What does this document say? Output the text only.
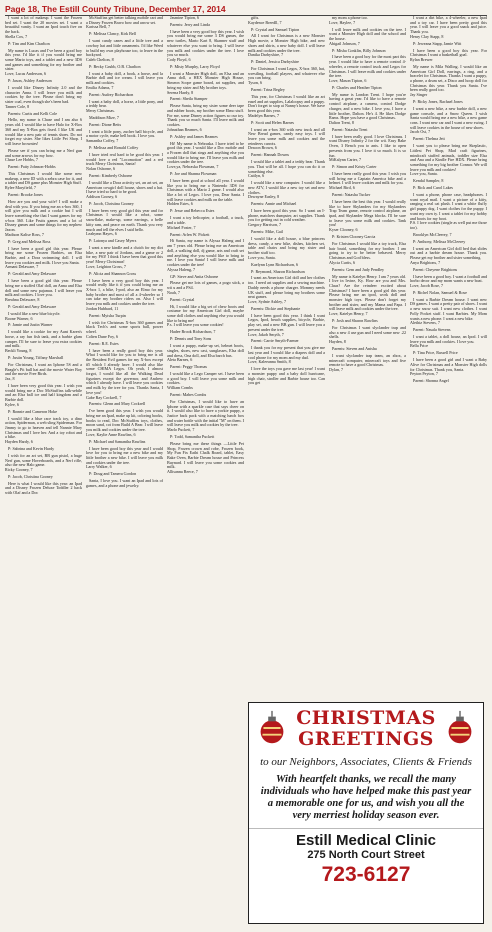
Page 18, The Estill County Tribune, December 17, 2014

I want a lot of makeup. I want the Frozen bed set. I want the 20 movies set. I want a beautiful vanity. I want an Ipod touch five on the back.

Shella Cox, 7

P: Tim and Kim Charlton

My name is Lucas and I've been a good boy this year. I'd like it if you would bring me some Mario toys, and a tablet and a new 3DS and games and something for my brother and sister.

Love, Lucas Anderson, 6

P: Jason, Ashley Anderson

I would like Disney Infinity 2.0 and the character Anna. I will leave you milk and cookies by the tree. Please don't bring my sister coal, even though she's been bad.

Tanner Cole, 8

Parents: Curtis and Kelli Cole

Hello, my name is Chase and I am also 6 years old. I would like to have Halo for X-Box 360 and my X-Box gets fixed. I like UK and would like a new pair of tennis shoes. Do not forget my sister. She likes Little Pet Shop. I will leave brownies!

Please see if you can bring me a Nerf gun and some arrows for my bow.

Chase Lee Hobbs, 7

Parent: Patty Johnson-Hobbs

This Christmas I would like some new makeup, a new ID with a zebra case for it, and a tablet and DS game plus Monster High Stuff.

Rylee Maryfield, 7

Parent: Brooke Jones

How are you and your wife? I will make a deal with you. If you bring me an x-box 360, I will give you milk and a cookie but I will leave something else that I want games for my x-box 360. Like Fruits games and a lot of Disney games and some things for my nephew Jaxon.

Madison Kalise Ross, 7

P: Greg and Melissa Ross

I have been a good girl this year. Please bring me some Frozen Barbies, an Elsa Barbie, and a Dora swimming doll. I will leave you cookies and milk. I love you Santa.

Armani Delaware, 7

P: Gerald and Amy Delaware

I have been a good girl this year. Please bring me a stuffed Olaf doll, an Anna and Elsa doll and some new pajamas. I will leave you milk and cookies. I love you.

Breahna Delaware, 8

P: Gerald and Amy Delaware

I would like a new blue bicycle.

Boone Warner, 6

P: Jamie and Justin Warner

I would like a cookie for my Aunt Karen's horse, a ray fun fish tank, and a barbie glam camper. I'll be sure to leave you extra cookies and milk.

Beckli Young, 8

P: Justin Young, Tiffany Marshall

For Christmas, I want an Iphone 5S and a Beagle's Pit bull hat and the movie Water Boy and the movie Free Birds.

Jax, 8

I have been very good this year. I wish you would bring me a Doc McStuffins talk-sebile and an Elsa ball ice and half kingdom and a Barbie doll.

Kylee, 6

P: Ronnie and Cameron Hoke

I would like a blue race track toy, a dino action, Spiderman, a web sling Spiderman. For Jimmy to go to heaven and tell Nannie Mary Christmas and I love her. And a toy robot and a bike.

Hayden Hardy, 6

P: Sabrina and Kevin Hardy

I wish for an art set, BB gun pistol, a huge Nerf gun, some Hoverboards, and a Nerf rifle, also the new Halo game.

Ricky Gooney, 7

P: Jacob, Christina Gooney

Here is what I would like this year: an Ipad and a Disney Frozen Deluxe Toddler 2 back with Olaf and a Doc

McStuffins get better talking mobile cart and a Disney Frozen Bravo bow and arrow set.

Karissa Bell, 7

P: Melissa Clancy, Kirk Bell

I want candy canes and a little tree and a cowboy hat and little ornaments. I'd like Weed to build my own playhouse too, to leave in the backyard.

Caleb Chelton, 8

P: Becky Grubb, O.B. Charlton

I want a baby doll, a book, a horse, and la Barbie doll and ice cream. I will leave you milk and cookies.

Emilia Adams, 7

Parent: Audrey Richardson

I want a baby doll, a horse, a little pony, and a teddy bear.

Merry Christmas.

Maddison Mize, 7

Parent: Dione Betts

I want a little pony, zucher ball bicycle, and a motor cycle, make bell book. I love you.

Samantha Coffey, 7

P: Melissa and Ronald Coffey

I have tried real hard to be good this year. I would love a red "Locomotion" and a red truck Merry Christmas, Santa!

Nolan Osborne, 6

Parent: Kimberly Osborne

I would like a Dora activity set, an art set, an American cowgirl doll house, shoes and a hat. I have tried so hard to be good.

Addison Goosey, 6

P: Jacob, Christina Gooney

I have been very good girl this year and for Christmas I would like a robot, some snowflake, make-up, some earrings, a belle kitty ram, and peace on earth. Thank you very much and tell the elves I said hello.

Leahymn Hayes, 6

P: Latonya and Casey Myers

I want a new kindle and a clutch for my dirt bike, a new pair of Jordans, and a game or 2 for my PS3! I think I have been that good this year! Merry Christmas!

Love, Leighton Gross, 7

P: Alicia and Shannon Gross

I have been a very good boy this year. I would really like it if you could bring me an X-box 1, a bike, I-pod, also an Elmo for my baby brother and most of all a 4-wheeler so I can take my brother riders on. Also I will leave you milk and cookies under the tree.

Jordan Hubbard, 11

Parent: Myisha Turpin

I wish for Christmas X-box 360 games and black Tech's and some sports ball, power wheel.

Colten Dune Foy, 6

Parent: R.E. Estes

I have been a really good boy this year. What I would like for you to bring me is all the Resident Evil games for my X-box except #5 which I already have. I would also like some CHIMA Legos. Oh yeah, I almost forgot, I would like all the Walking Dead figurines except the governor, and Andrew which I already have. I will leave you cookies and milk by the tree for you. Thanks Santa, I love you!

Gabe Ray Cockrell, 7

Parents: Glenn and Mary Cockrell

I've been good this year. I wish you would bring me an Ipad, make up kit, coloring books, books to read, Doc McStuffins toys, clothes, moon sand, cot from Build A Bear. I will leave you milk and cookies under the tree.

Love, Kaylie Anne Rawlins, 6

P: Michael and Samantha Rawlins

I have been good boy this year and I would love for you to bring me a new bike and my little brother a new bike. I will leave you milk and cookies under the tree.

Larry Walker, 6

P: Doug and Tamera Gordon

Santa, I love you. I want an Ipad and lots of games, and a phone and jewelry.

Jasmine Tipton, 6

Parents: Jerry and Linda

I have been a very good boy this year. I wish you would bring me some 3 DS games, the new turtles, Mario Kart 8, Skanner stuff and whatever else you want to bring. I will leave you milk and cookies under the tree. I love you so much.

Cody Floyd, 6

P: Misty Murphy, Larry Floyd

I want a Monster High doll, an Elsa and an Anna doll, a HEX Monster High House, Simeon Scope game board, art supplies, and bring my sister and My brother toys.

Serena Hardy, 8

Parent: Sheila Stamper

Please Santa, bring my sister some deer tape and rubber boots, my brother some Elmo stuff. For me, some Disney action figures so our toy. Thank you so much Santa. I'll leave milk and cookies.

Johnathan Reames, 6

P: Ashley and James Reames

Hi! My name is Nebraska. I have tried to be good this year. I would like a Doc mobile and a Frozen doll that sings and anything else you would like to bring me. I'll leave you milk and cookies under the tree.

Love,ya, Nebraska Flowman, 7

P: Joe and Shanna Flowman

I have been good at school all year. I would like you to bring me a Nintendo 3DS for Christmas with a Mario 2 game. I would also like a lot of Legos. I love you, Dear Santa. I will leave cookies and milk on the table.

Holden Estes, 6

P: Jesse and Rebecca Estes

I want a toy helicopter, a football, a truck, and a table.

Michael Foster, 7

Parent: Arlen W. Pickett

Hi Santa, my name is Alyssa Haleng and I am 7 years old. Please bring me an American doll, a walking doll, dj game, arts and craft set and anything else you would like to bring to me. I love you Santa! I will leave milk and cookies under the tree!

Alyssa Haleng, 7

GP: Steve and Anita Osborne

Please get me lots of games, a pogo stick, a wii u and a PS4.

Noah, 7

Parent: Crystal

Hi, I would like a big set of chew boots and costume for my American Girl doll, maybe some doll clothes and anything else you would like to bring me!

P.s. I will leave you some cookies!

Hadee Brook Richardson, 7

P: Dennis and Tony Sons

I want a puppy, make-up set, helmet boots, singles, shoes, new cast, sunglasses, Elsa doll and dress, Ona doll, and Elsa barch bus.

Aleta Barnes, 6

Parent: Peggy Thomas

I would like a Lego Camper set. I have been a good boy. I will leave you some milk and cookies.

William Combs

Parent: Mabes Combs

For Christmas, I would like to have an Iphone with a sparkle case that says cheer on it. I would also like to have a yorkie puppy, a Justice back pack with a matching lunch box and water bottle with the initial "M" on them. I will leave you milk and cookies by the tree.

Marlo Puckett, 7

P: Todd, Samantha Puckett

Please bring me these things —Little Pet Shop, Frozen crown and robe, Frozen book, My Fun Fix Eathi Chalk Board, tablet, Easy Bake Oven, Barbie Dream house and Princess Buynard. I will leave you some cookies and milk.

Allisanna Reece, 7

gifts.

Kaydence Breedll, 7

P: Crystal and Samuel Tipton

All I want for Christmas is a new Monster High movie, a Monster High bike, and new shoes and shirts, a new baby doll. I will leave milk and cookies under the tree.

Danika Darbyshire, 7

P: Daniel, Jessica Darbyshire

For Christmas I want Legos, X-box 360, hat, wrestling, football players, and whatever else you can bring.

Tyson, 6

Parent: Trina Begley

This year, for Christmas I would like an art easel and art supplies, Lalaloopsy and a puppy. Don't forget to stop at Nanny's house. We have been good this year.

Madelyn Barnes, 7

P: Scott and Helen Barnes

I want an x-box 360 with new truck and all New Bread games, candy easy toys. I will leave you some milk and cookies and the reindeers carrots.

Deacon Brown, 6

Parent: Hannah Downs

I would like a tablet and a teddy bear. Thank you. That will be all. I hope you can do it or something else.

Caitlyn, 6

I would like a new computer. I would like a new ATV, I would like a new toy set and new clothes.

Dewayne Easley, 8

Parents: Annie and Michael

I have been good this year. So I want an I-phone, matchers dumpster, art supplies. Thank you for getting out in cold weather.

Gregory Harrison, 7

Parents: Mike, Gail

I would like a doll house, a blue princess dress, candy, a new bike, dishes, kitchen set, table and chairs and bring my sister and brother stuff too.

Love you, Santa.

Kaelynn Lynn Richardson, 6

P: Reymond, Sharon Richardson

I want an American Girl doll and her clothes too. I need art supplies and a sewing machine. Daddy needs a phone charger. Mommy needs UK stuff, and please bring my brothers some neat games.

Love, Sydnie Ashley, 7

Parents: Dickie and Stephanie

I have been good this year. I think I want Legos, Ipod, beach supplies, bicycle, Barbie, play set, and a new BB gun. I will leave you a present under the tree.

Love, Jakob Smyth, 7

Parent: Carrie Smyth-Farmer

I thank you for my present that you give me last year and I would like a diapers doll and a cool phone for my mom and my dad.

Love, Kaleeanna Smith, 8

I love the toys you gave me last year! I want a monster puppy and a baby doll hurricane, high chair, stroller and Barbie house too. Can you get

my mom a phone too.

Love, Haylee, 7

I will leave milk and cookies on the tree. I want a Monster High doll and the school and the house.

Abigail Johnson, 7

P: Misha Conklin, Billy Johnson

I have been a good boy for the most part this year. I would like to have a remote control 4-wheeler, a remote control truck and Legos for Christmas. I will leave milk and cookies under the tree.

Love, Mason Tipton, 6

P: Charles and Heather Tipton

My name is London Trent. I hope you're having a great year. I'd like to have a remote control airplane, a camera, control Dodge charger, and a new bike. I love you, I have a little brother, Dalton. He's 4. He likes Dodge Rams. Hope you have a good Christmas.

Dalton Trent, 8

Parent: Natasha Trent

I have been really good. I love Christmas. I want Disney Infinity 2 for the wii. Easy Bake Oven, 3 Bench you to ants. I like to open presents from you. I love it so much. It is so fun.

MiKalynn Carter, 7

P: Simon and Kristy Carter

I have been really good this year. I wish you will bring me a Captain America bike and a helmet. I will leave cookies and milk for you.

Michael Bird, 6

Parent: Natasha Tucker

I have been the best this year. I would really like to have Skylanders for my Skylanders Trap Team game, remote control airplane, an ipad, and Skylander Mega blocks. I'll be sure to leave you some milk and cookies. Tank you!

Kyser Clooney, 6

P: Kristen Clooney Garcia

For Christmas I would like a toy truck, Elsa hair braid, something for my brother. I am going to try to be better behaved. Merry Christmas and God bless.

Alycia Curtis, 6

Parents: Gem and Judy Pendley

My name is Katelyn Henry. I am 7 years old. I live in Irvine, Ky. How are you and Mrs. Claus? Are the reindeer excited about Christmas? I have been a good girl this year. Please bring me an ipod, work doll and monster high toys. Please don't forget my brother and sister, and my Mama and Papa. I will leave milk and cookies under the tree.

Love, Katelyn Henry, 7

P: Josh and Sharon Rawlins

For Christmas I want slyclander trap and also a new 4 use gun and I need some new .22 shells.

Hayden, 8

Parents: Steven and Anisha

I want slyclander trap team, an xbox, a minecraft computer, minecraft toys and five remote to have a good Christmas.

Dylan, 7

I want a dirt bike, a 4-wheeler, a new Ipad and a toy car. I have been pretty good this year. I will leave you a good snack and juice. Thank you.

Henry Clay Stapp, 8

P: Jeweana Stapp, Jamie Witt

I have been a good boy this year. For Christmas I want a basketball goal.

Rylan Brewer

My name is Mila Walling. I would like an American Girl Doll, earrings, a ring, and a bracelet for Christmas. Thanks I want a puppy, a phone, a drum set, a Disco and hoop doll for Christmas this year. Thank you Santa. I've been really good too.

Jay Singer

P: Ricky Jones, Rachael Jones

I want a new bike, a new barbie doll, a new game console, and a Snow Queen. I wish Santa would bring me a new bike, a new game cons. I want new car and I want a new swing. I will leave cookies in the house of new shoes.

Jacob Ost, 7

Parent: Thelma Jett

I want you to please bring me Skeplastic, Littlest Pet Shop, Mad craft figurines, mindcraft stuffed animals, toddler size Elsa and Ana and a Kindle Fire HDX. Please bring something for my big brother Connor. We will leave you milk and cookies!

Love you, Santa.

Kendal Sampler, 8

P: Rick and Carol Lakes

I want a phone, phone case, headphones. I want royal mail. I want a picture of a kitty, ranging a real cat plush. I want a white fluffy girl puppy dog. I want clothes for the puppy. I want my own ty. I want a tablet for my hobby and boots for my boot.

P.S. I love cookies (single as well put me those too).

Brooklyn McCleerey, 7

P: Anthony, Melissa McCleerey

I want an American Girl doll bed that slides out and a barbie dream house. Thank you. Please get my brother and sister something.

Anya Brightons, 7

Parent: Cheyene Brightons

I have been a good boy. I want a football and horbo decor and my mom wants a new boat.

Love, Jacob Rose, 7

P: Richel Nolan, Samuel & Rose

I want a Barbie Dream house. I want new DS games. I want a pretty pair of shoes. I want a new snow suit. I want new clothes. I want Polly Pocket stuff. I want Barbies. My Mom wants a new phone. I want a new bike.

Alethiz Stevens, 7

Parent: Nasala Stevens

I want a tablet, a doll house, an Ipod. I will leave you milk and cookies. I love you.

Bella Price

P: Tina Price, Russell Price

I have been a good girl and I want a Baby Alive for Christmas and a Monster High dolls for Christmas. Thank you, Santa.

Peyton Peyton, 7

Parent: Shonna Angel

CHRISTMAS GREETINGS
to our Neighbors, Associates, Clients & Friends
With heartfelt thanks, we recall the many individuals who have helped make this past year a memorable one for us, and wish you all the very merriest holiday season ever.
Estill Medical Clinic
275 North Court Street
723-6127
